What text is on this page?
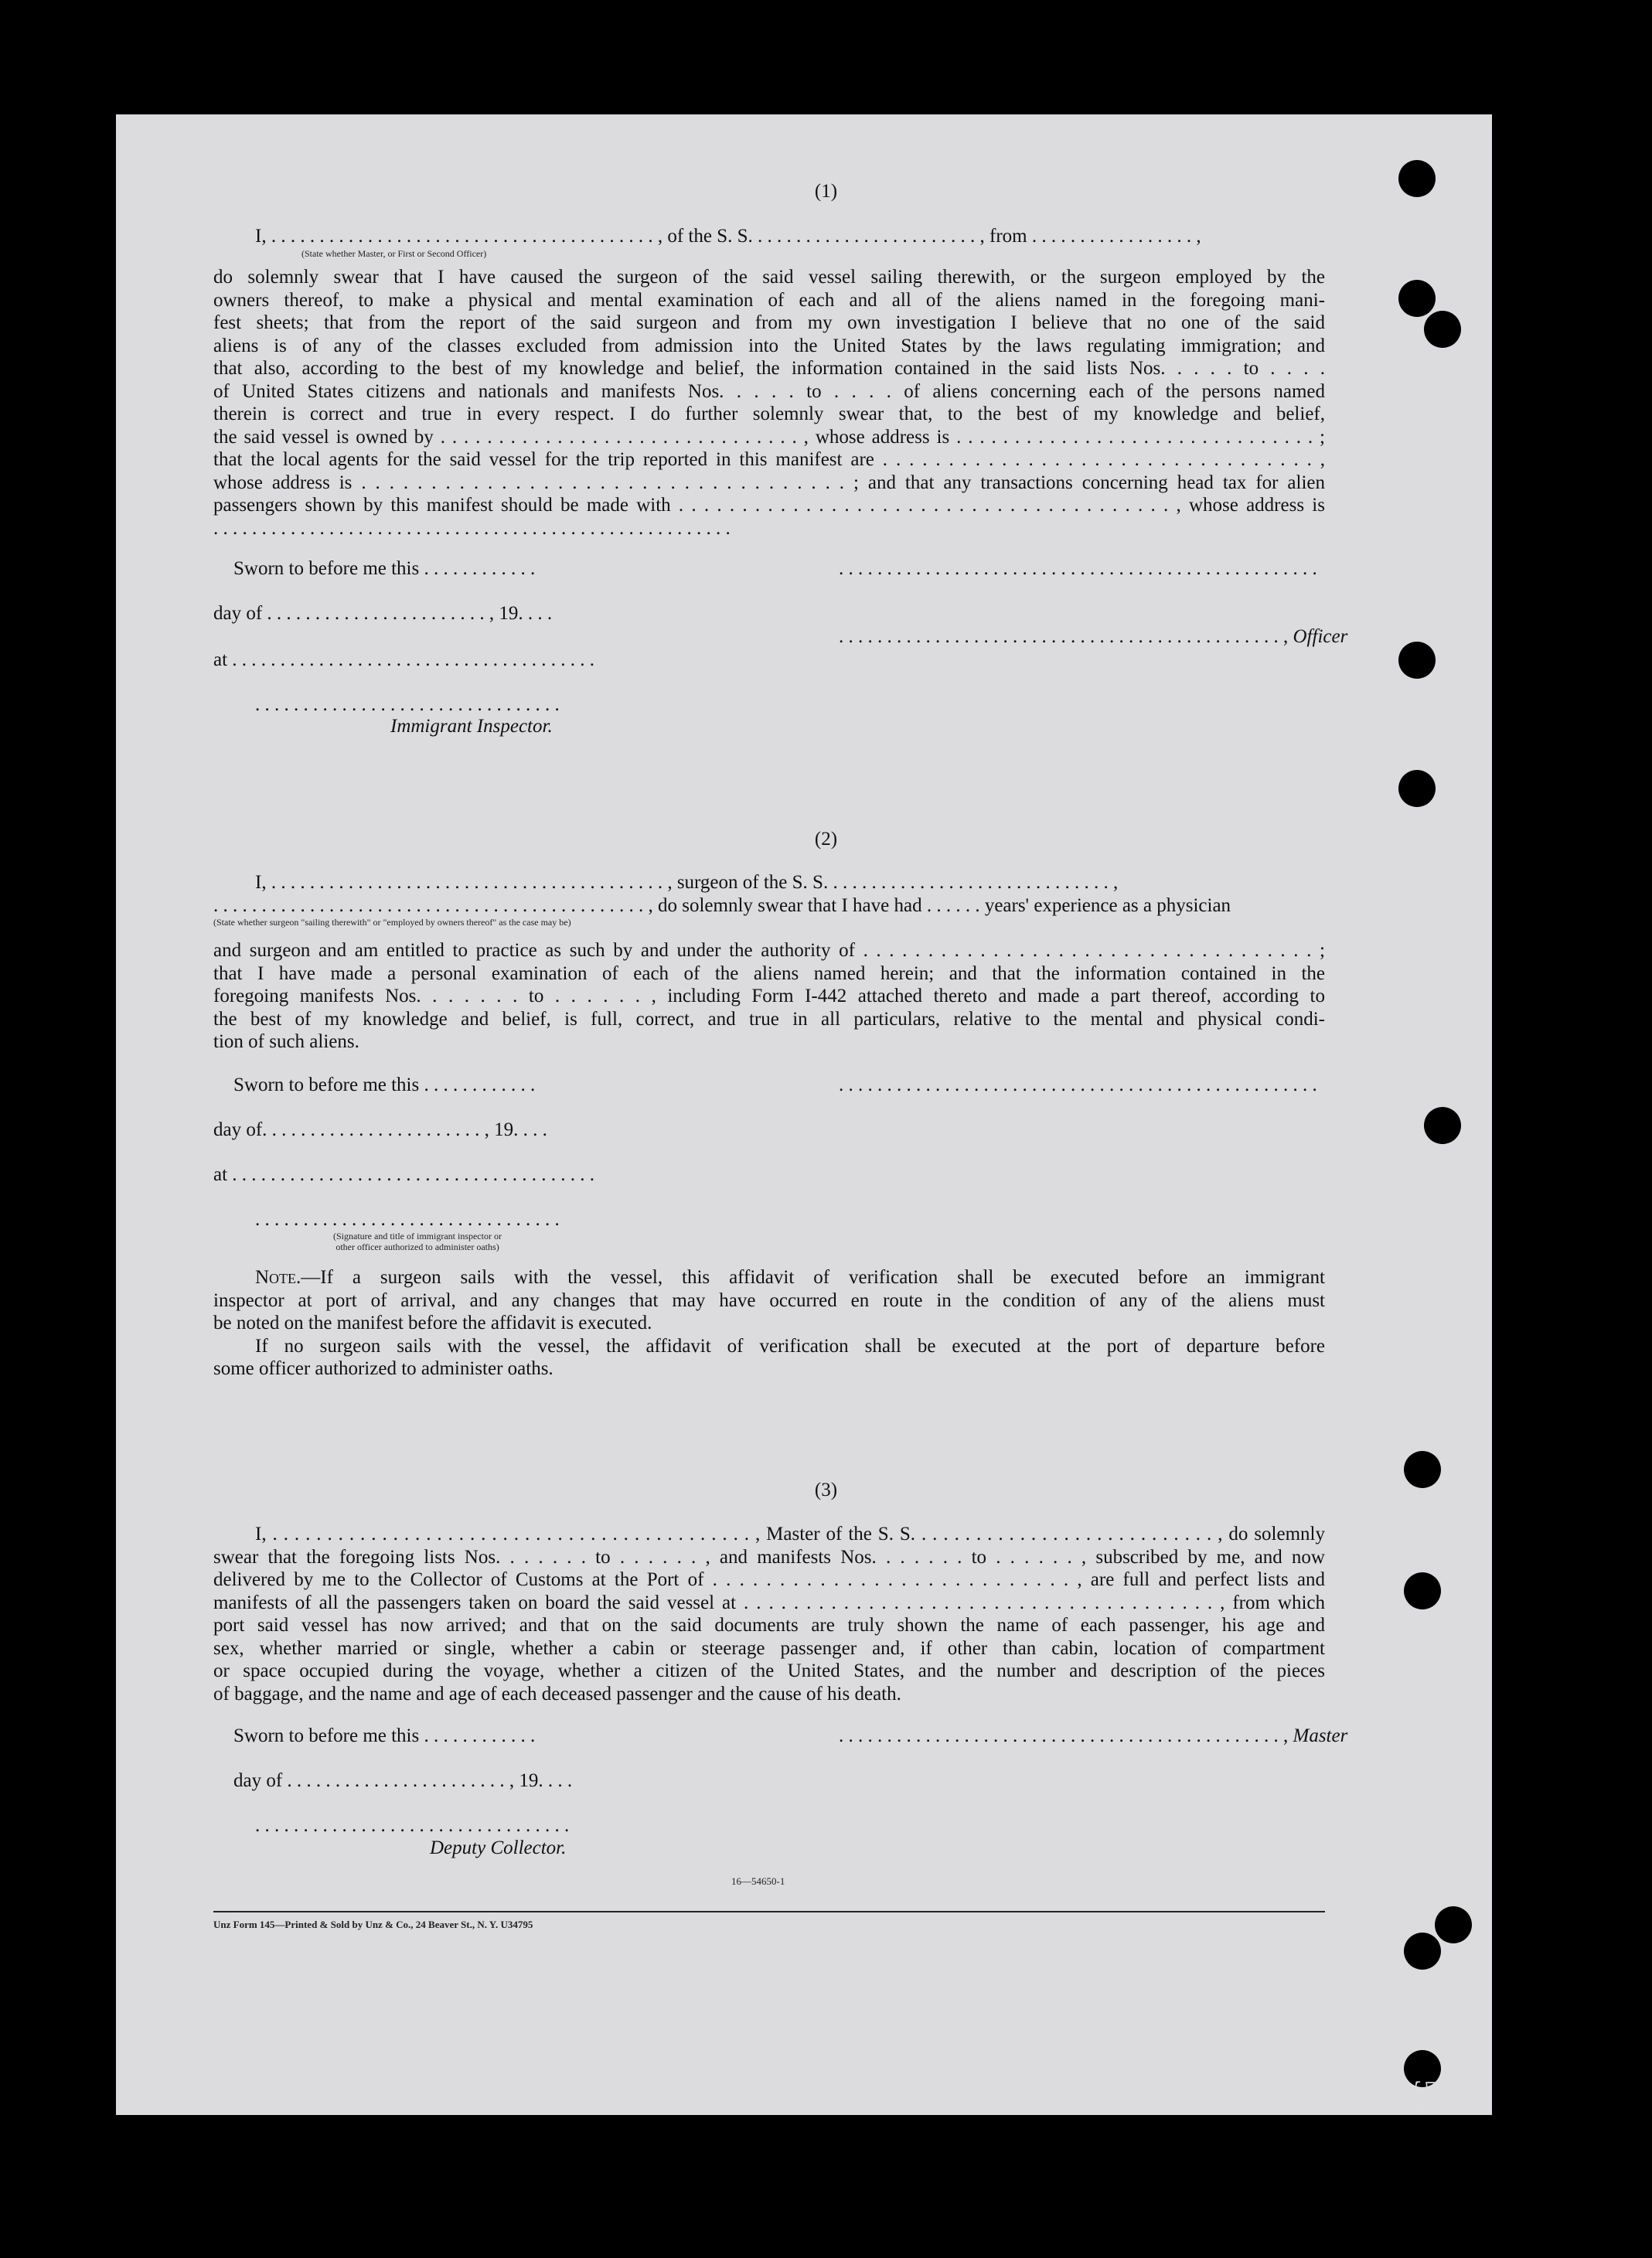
(1)
I, . . . . . . . . . . . . . . . . . . . . . . . . . . . . . . . . . . . . . . . . , of the S. S. . . . . . . . . . . . . . . . . . . . . . . . , from . . . . . . . . . . . . . . . . . ,
(State whether Master, or First or Second Officer)

do solemnly swear that I have caused the surgeon of the said vessel sailing therewith, or the surgeon employed by the

owners thereof, to make a physical and mental examination of each and all of the aliens named in the foregoing mani-

fest sheets; that from the report of the said surgeon and from my own investigation I believe that no one of the said

aliens is of any of the classes excluded from admission into the United States by the laws regulating immigration; and

that also, according to the best of my knowledge and belief, the information contained in the said lists Nos. . . . . to . . . .

of United States citizens and nationals and manifests Nos. . . . . to . . . . of aliens concerning each of the persons named

therein is correct and true in every respect. I do further solemnly swear that, to the best of my knowledge and belief,

the said vessel is owned by . . . . . . . . . . . . . . . . . . . . . . . . . . . . . . . , whose address is . . . . . . . . . . . . . . . . . . . . . . . . . . . . . . . ;

that the local agents for the said vessel for the trip reported in this manifest are . . . . . . . . . . . . . . . . . . . . . . . . . . . . . . . . . ,

whose address is . . . . . . . . . . . . . . . . . . . . . . . . . . . . . . . . . . . ; and that any transactions concerning head tax for alien

passengers shown by this manifest should be made with . . . . . . . . . . . . . . . . . . . . . . . . . . . . . . . . . . . . . . . , whose address is

. . . . . . . . . . . . . . . . . . . . . . . . . . . . . . . . . . . . . . . . . . . . . . . . . . . . . .

Sworn to before me this . . . . . . . . . . . .	. . . . . . . . . . . . . . . . . . . . . . . . . . . . . . . . . . . . . . . . . . . . . . . . . .
day of . . . . . . . . . . . . . . . . . . . . . . . , 19. . . .
. . . . . . . . . . . . . . . . . . . . . . . . . . . . . . . . . . . . . . . . . . . . . . , Officer
at . . . . . . . . . . . . . . . . . . . . . . . . . . . . . . . . . . . . . .
. . . . . . . . . . . . . . . . . . . . . . . . . . . . . . . .
Immigrant Inspector.
(2)
I, . . . . . . . . . . . . . . . . . . . . . . . . . . . . . . . . . . . . . . . . . , surgeon of the S. S. . . . . . . . . . . . . . . . . . . . . . . . . . . . . . ,
. . . . . . . . . . . . . . . . . . . . . . . . . . . . . . . . . . . . . . . . . . . . . , do solemnly swear that I have had . . . . . . years' experience as a physician
(State whether surgeon "sailing therewith" or "employed by owners thereof" as the case may be)

and surgeon and am entitled to practice as such by and under the authority of . . . . . . . . . . . . . . . . . . . . . . . . . . . . . . . . . . . ;

that I have made a personal examination of each of the aliens named herein; and that the information contained in the

foregoing manifests Nos. . . . . . . to . . . . . . , including Form I-442 attached thereto and made a part thereof, according to

the best of my knowledge and belief, is full, correct, and true in all particulars, relative to the mental and physical condi-

tion of such aliens.

Sworn to before me this . . . . . . . . . . . .	. . . . . . . . . . . . . . . . . . . . . . . . . . . . . . . . . . . . . . . . . . . . . . . . . .
day of. . . . . . . . . . . . . . . . . . . . . . . , 19. . . .
at . . . . . . . . . . . . . . . . . . . . . . . . . . . . . . . . . . . . . .
. . . . . . . . . . . . . . . . . . . . . . . . . . . . . . . .
(Signature and title of immigrant inspector or
other officer authorized to administer oaths)

Note.—If a surgeon sails with the vessel, this affidavit of verification shall be executed before an immigrant

inspector at port of arrival, and any changes that may have occurred en route in the condition of any of the aliens must

be noted on the manifest before the affidavit is executed.

If no surgeon sails with the vessel, the affidavit of verification shall be executed at the port of departure before

some officer authorized to administer oaths.

(3)

I, . . . . . . . . . . . . . . . . . . . . . . . . . . . . . . . . . . . . . . . . . . . . , Master of the S. S. . . . . . . . . . . . . . . . . . . . . . . . . . . . , do solemnly

swear that the foregoing lists Nos. . . . . . . to . . . . . . , and manifests Nos. . . . . . . to . . . . . . , subscribed by me, and now

delivered by me to the Collector of Customs at the Port of . . . . . . . . . . . . . . . . . . . . . . . . . . . , are full and perfect lists and

manifests of all the passengers taken on board the said vessel at . . . . . . . . . . . . . . . . . . . . . . . . . . . . . . . . . . . . . . , from which

port said vessel has now arrived; and that on the said documents are truly shown the name of each passenger, his age and

sex, whether married or single, whether a cabin or steerage passenger and, if other than cabin, location of compartment

or space occupied during the voyage, whether a citizen of the United States, and the number and description of the pieces

of baggage, and the name and age of each deceased passenger and the cause of his death.

Sworn to before me this . . . . . . . . . . . .	. . . . . . . . . . . . . . . . . . . . . . . . . . . . . . . . . . . . . . . . . . . . . . , Master
day of . . . . . . . . . . . . . . . . . . . . . . . , 19. . . .
. . . . . . . . . . . . . . . . . . . . . . . . . . . . . . . . .
Deputy Collector.
16—54650-1
Unz Form 145—Printed & Sold by Unz & Co., 24 Beaver St., N. Y. U34795
53
